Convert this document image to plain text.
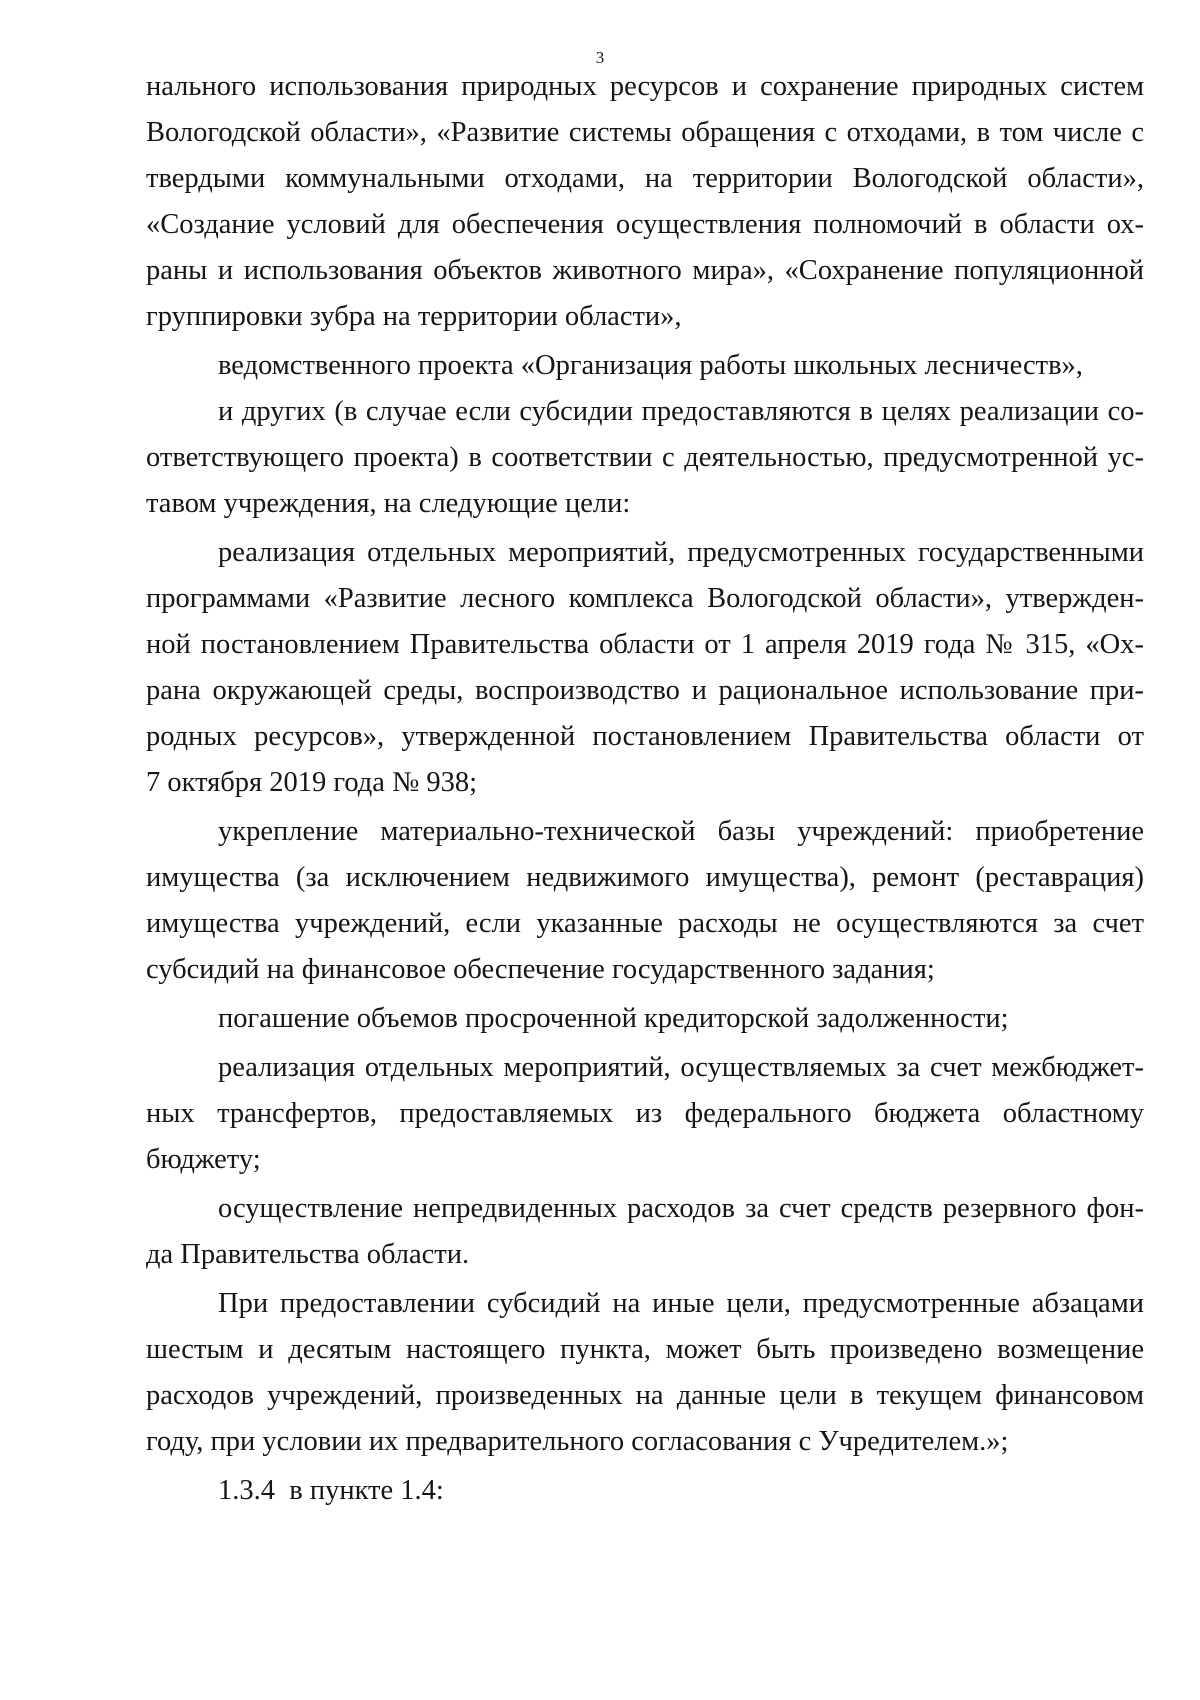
3
нального использования природных ресурсов и сохранение природных систем
Вологодской области», «Развитие системы обращения с отходами, в том числе с
твердыми коммунальными отходами, на территории Вологодской области»,
«Создание условий для обеспечения осуществления полномочий в области ох-
раны и использования объектов животного мира», «Сохранение популяционной
группировки зубра на территории области»,
ведомственного проекта «Организация работы школьных лесничеств»,
и других (в случае если субсидии предоставляются в целях реализации со-
ответствующего проекта) в соответствии с деятельностью, предусмотренной ус-
тавом учреждения, на следующие цели:
реализация отдельных мероприятий, предусмотренных государственными
программами «Развитие лесного комплекса Вологодской области», утвержден-
ной постановлением Правительства области от 1 апреля 2019 года № 315, «Ох-
рана окружающей среды, воспроизводство и рациональное использование при-
родных ресурсов», утвержденной постановлением Правительства области от
7 октября 2019 года № 938;
укрепление материально-технической базы учреждений: приобретение
имущества (за исключением недвижимого имущества), ремонт (реставрация)
имущества учреждений, если указанные расходы не осуществляются за счет
субсидий на финансовое обеспечение государственного задания;
погашение объемов просроченной кредиторской задолженности;
реализация отдельных мероприятий, осуществляемых за счет межбюджет-
ных трансфертов, предоставляемых из федерального бюджета областному
бюджету;
осуществление непредвиденных расходов за счет средств резервного фон-
да Правительства области.
При предоставлении субсидий на иные цели, предусмотренные абзацами
шестым и десятым настоящего пункта, может быть произведено возмещение
расходов учреждений, произведенных на данные цели в текущем финансовом
году, при условии их предварительного согласования с Учредителем.»;
1.3.4  в пункте 1.4:
